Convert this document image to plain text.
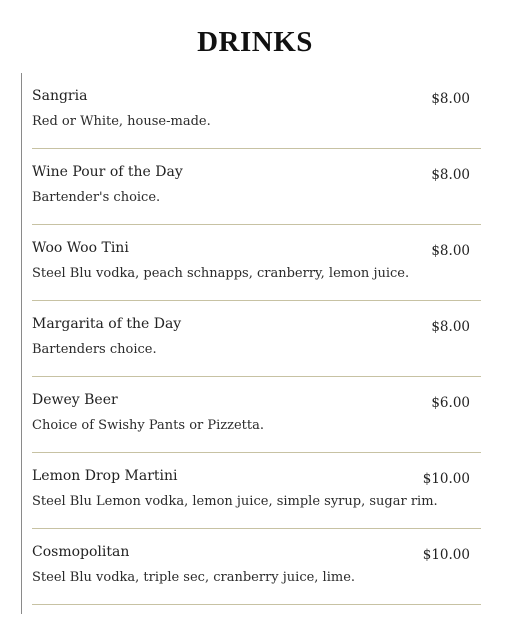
DRINKS
Sangria	$8.00
Red or White, house-made.
Wine Pour of the Day	$8.00
Bartender's choice.
Woo Woo Tini	$8.00
Steel Blu vodka, peach schnapps, cranberry, lemon juice.
Margarita of the Day	$8.00
Bartenders choice.
Dewey Beer	$6.00
Choice of Swishy Pants or Pizzetta.
Lemon Drop Martini	$10.00
Steel Blu Lemon vodka, lemon juice, simple syrup, sugar rim.
Cosmopolitan	$10.00
Steel Blu vodka, triple sec, cranberry juice, lime.
